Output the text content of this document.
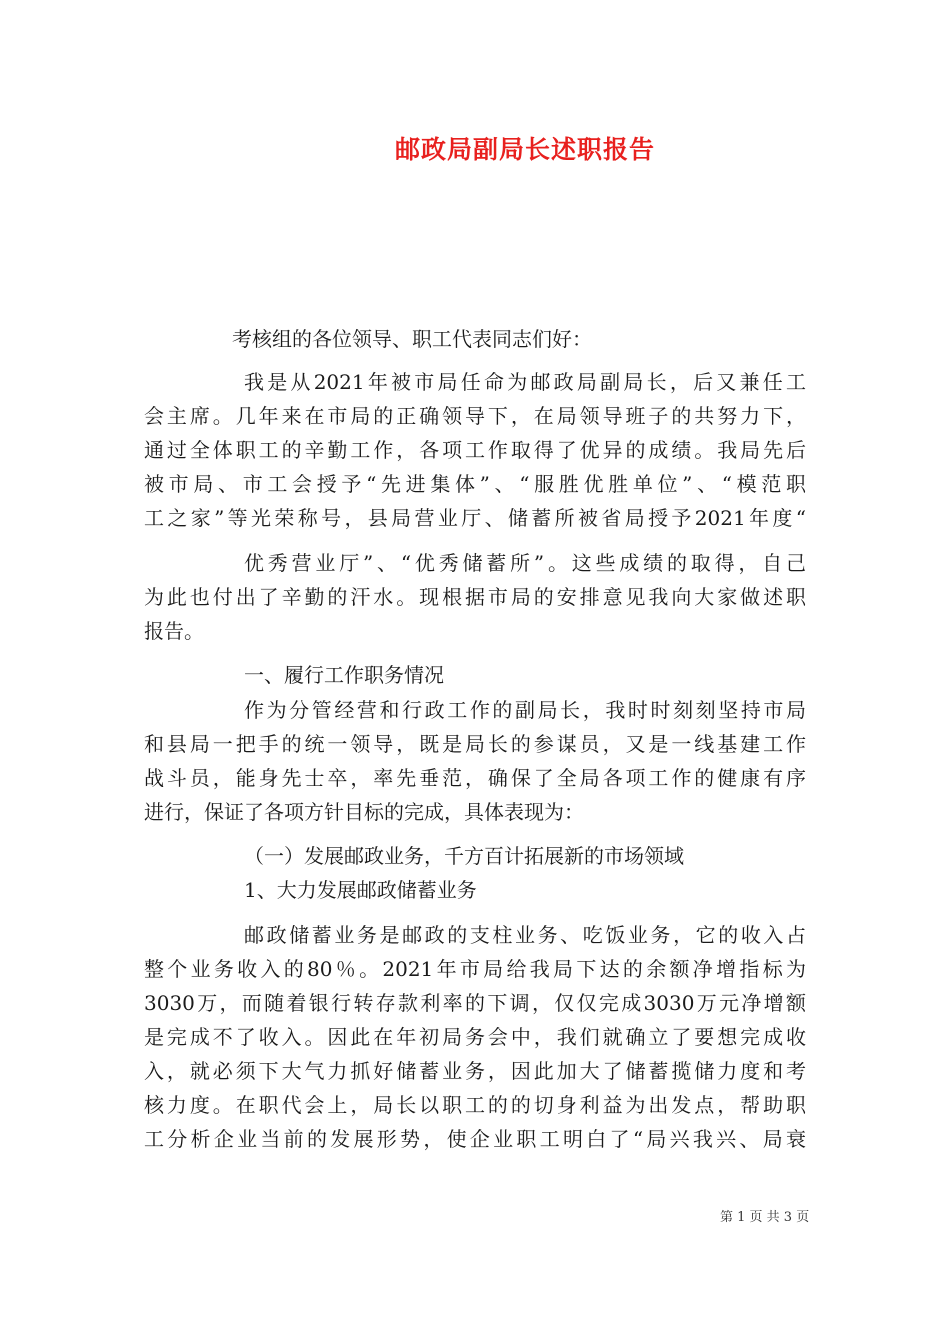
邮政局副局长述职报告
考核组的各位领导、职工代表同志们好：
我是从2021年被市局任命为邮政局副局长，后又兼任工
会主席。几年来在市局的正确领导下，在局领导班子的共努力下，
通过全体职工的辛勤工作，各项工作取得了优异的成绩。我局先后
被市局、市工会授予“先进集体”、“服胜优胜单位”、“模范职
工之家”等光荣称号，县局营业厅、储蓄所被省局授予2021年度“
优秀营业厅”、“优秀储蓄所”。这些成绩的取得，自己
为此也付出了辛勤的汗水。现根据市局的安排意见我向大家做述职
报告。
一、履行工作职务情况
作为分管经营和行政工作的副局长，我时时刻刻坚持市局
和县局一把手的统一领导，既是局长的参谋员，又是一线基建工作
战斗员，能身先士卒，率先垂范，确保了全局各项工作的健康有序
进行，保证了各项方针目标的完成，具体表现为：
（一）发展邮政业务，千方百计拓展新的市场领域
1、大力发展邮政储蓄业务
邮政储蓄业务是邮政的支柱业务、吃饭业务，它的收入占
整个业务收入的80％。2021年市局给我局下达的余额净增指标为
3030万，而随着银行转存款利率的下调，仅仅完成3030万元净增额
是完成不了收入。因此在年初局务会中，我们就确立了要想完成收
入，就必须下大气力抓好储蓄业务，因此加大了储蓄揽储力度和考
核力度。在职代会上，局长以职工的的切身利益为出发点，帮助职
工分析企业当前的发展形势，使企业职工明白了“局兴我兴、局衰
第 1 页 共 3 页
